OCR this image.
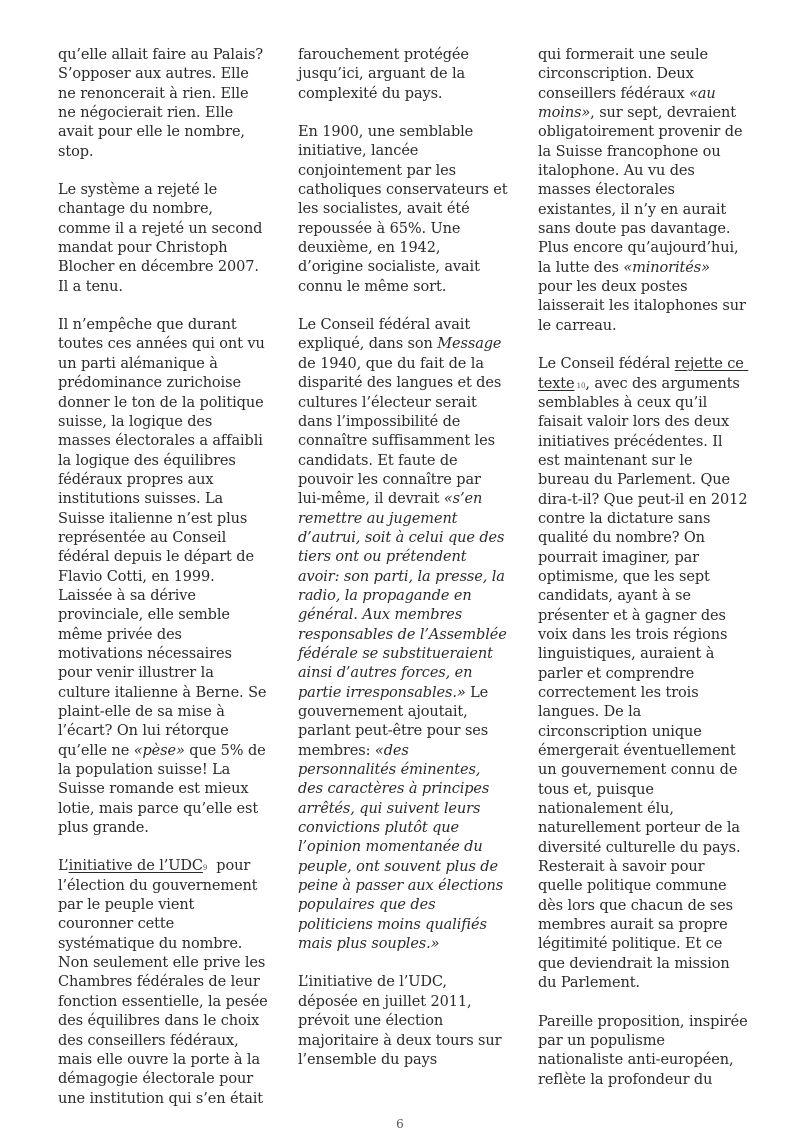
qu’elle allait faire au Palais? S’opposer aux autres. Elle ne renoncerait à rien. Elle ne négocierait rien. Elle avait pour elle le nombre, stop.

Le système a rejeté le chantage du nombre, comme il a rejeté un second mandat pour Christoph Blocher en décembre 2007. Il a tenu.

Il n’empêche que durant toutes ces années qui ont vu un parti alémanique à prédominance zurichoise donner le ton de la politique suisse, la logique des masses électorales a affaibli la logique des équilibres fédéraux propres aux institutions suisses. La Suisse italienne n’est plus représentée au Conseil fédéral depuis le départ de Flavio Cotti, en 1999. Laissée à sa dérive provinciale, elle semble même privée des motivations nécessaires pour venir illustrer la culture italienne à Berne. Se plaint-elle de sa mise à l’écart? On lui rétorque qu’elle ne «pèse» que 5% de la population suisse! La Suisse romande est mieux lotie, mais parce qu’elle est plus grande.

L’initiative de l’UDC$^9$  pour l’élection du gouvernement par le peuple vient couronner cette systématique du nombre. Non seulement elle prive les Chambres fédérales de leur fonction essentielle, la pesée des équilibres dans le choix des conseillers fédéraux, mais elle ouvre la porte à la démagogie électorale pour une institution qui s’en était

farouchement protégée jusqu’ici, arguant de la complexité du pays.

En 1900, une semblable initiative, lancée conjointement par les catholiques conservateurs et les socialistes, avait été repoussée à 65%. Une deuxième, en 1942, d’origine socialiste, avait connu le même sort.

Le Conseil fédéral avait expliqué, dans son Message de 1940, que du fait de la disparité des langues et des cultures l’électeur serait dans l’impossibilité de connaître suffisamment les candidats. Et faute de pouvoir les connaître par lui-même, il devrait «s’en remettre au jugement d’autrui, soit à celui que des tiers ont ou prétendent avoir: son parti, la presse, la radio, la propagande en général. Aux membres responsables de l’Assemblée fédérale se substitueraient ainsi d’autres forces, en partie irresponsables.» Le gouvernement ajoutait, parlant peut-être pour ses membres: «des personnalités éminentes, des caractères à principes arrêtés, qui suivent leurs convictions plutôt que l’opinion momentanée du peuple, ont souvent plus de peine à passer aux élections populaires que des politiciens moins qualifiés mais plus souples.»

L’initiative de l’UDC, déposée en juillet 2011, prévoit une élection majoritaire à deux tours sur l’ensemble du pays

qui formerait une seule circonscription. Deux conseillers fédéraux «au moins», sur sept, devraient obligatoirement provenir de la Suisse francophone ou italophone. Au vu des masses électorales existantes, il n’y en aurait sans doute pas davantage. Plus encore qu’aujourd’hui, la lutte des «minorités» pour les deux postes laisserait les italophones sur le carreau.

Le Conseil fédéral rejette ce texte $^{10}$, avec des arguments semblables à ceux qu’il faisait valoir lors des deux initiatives précédentes. Il est maintenant sur le bureau du Parlement. Que dira-t-il? Que peut-il en 2012 contre la dictature sans qualité du nombre? On pourrait imaginer, par optimisme, que les sept candidats, ayant à se présenter et à gagner des voix dans les trois régions linguistiques, auraient à parler et comprendre correctement les trois langues. De la circonscription unique émergerait éventuellement un gouvernement connu de tous et, puisque nationalement élu, naturellement porteur de la diversité culturelle du pays. Resterait à savoir pour quelle politique commune dès lors que chacun de ses membres aurait sa propre légitimité politique. Et ce que deviendrait la mission du Parlement.

Pareille proposition, inspirée par un populisme nationaliste anti-européen, reflète la profondeur du

6
